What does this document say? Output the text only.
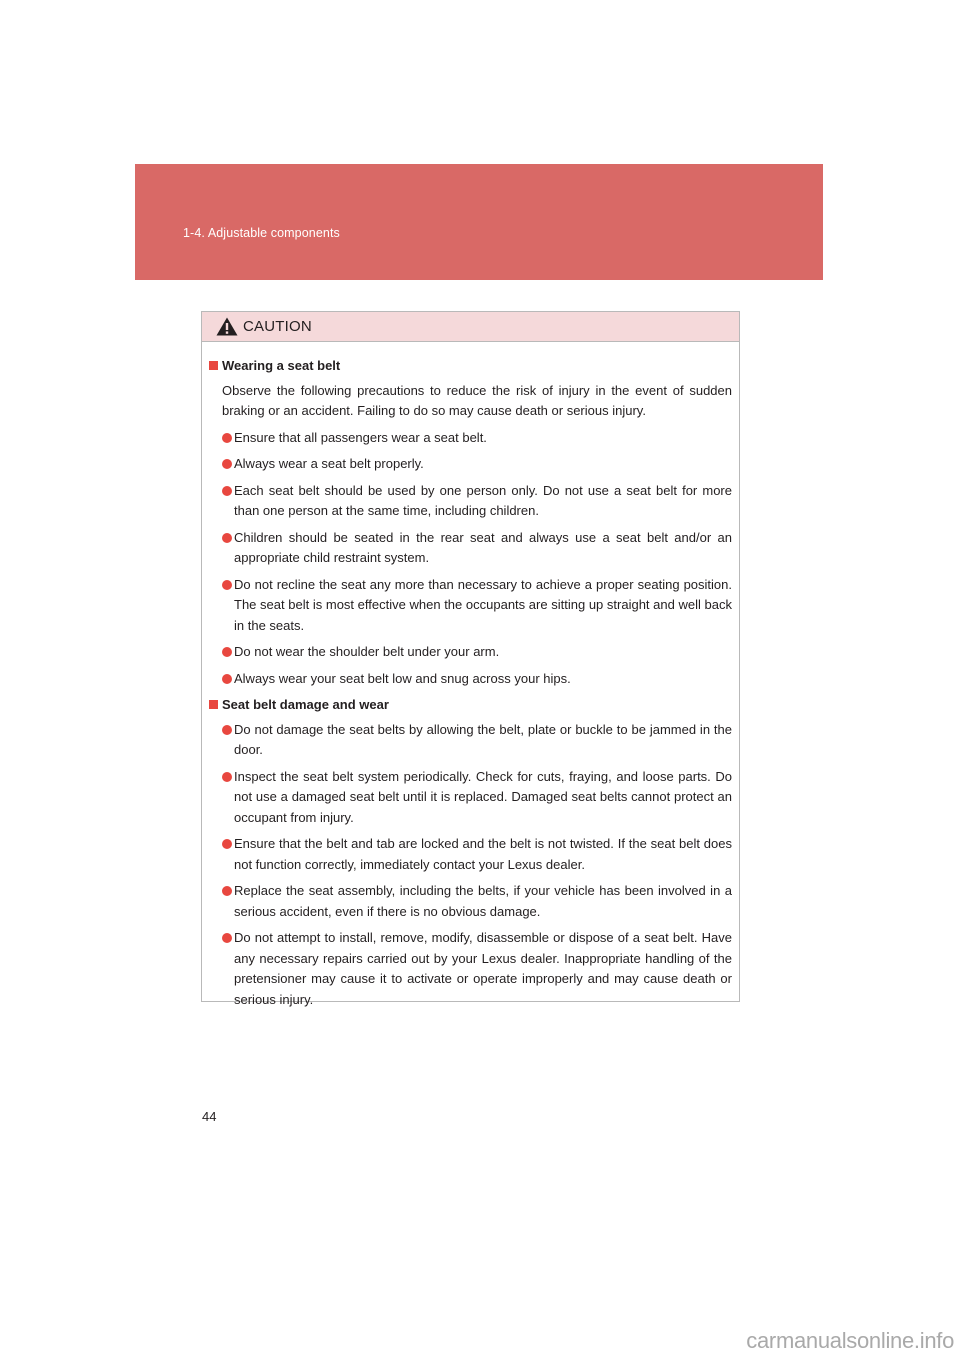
1-4. Adjustable components
CAUTION
Wearing a seat belt
Observe the following precautions to reduce the risk of injury in the event of sudden braking or an accident. Failing to do so may cause death or serious injury.
Ensure that all passengers wear a seat belt.
Always wear a seat belt properly.
Each seat belt should be used by one person only. Do not use a seat belt for more than one person at the same time, including children.
Children should be seated in the rear seat and always use a seat belt and/or an appropriate child restraint system.
Do not recline the seat any more than necessary to achieve a proper seating position. The seat belt is most effective when the occupants are sitting up straight and well back in the seats.
Do not wear the shoulder belt under your arm.
Always wear your seat belt low and snug across your hips.
Seat belt damage and wear
Do not damage the seat belts by allowing the belt, plate or buckle to be jammed in the door.
Inspect the seat belt system periodically. Check for cuts, fraying, and loose parts. Do not use a damaged seat belt until it is replaced. Damaged seat belts cannot protect an occupant from injury.
Ensure that the belt and tab are locked and the belt is not twisted. If the seat belt does not function correctly, immediately contact your Lexus dealer.
Replace the seat assembly, including the belts, if your vehicle has been involved in a serious accident, even if there is no obvious damage.
Do not attempt to install, remove, modify, disassemble or dispose of a seat belt. Have any necessary repairs carried out by your Lexus dealer. Inappropriate handling of the pretensioner may cause it to activate or operate improperly and may cause death or serious injury.
44
carmanualsonline.info
